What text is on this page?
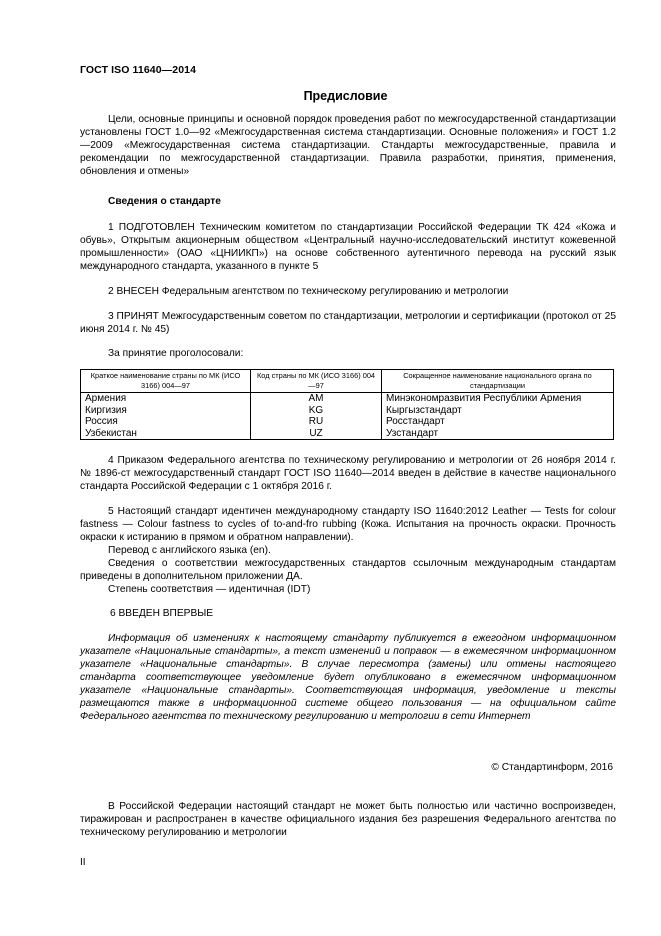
ГОСТ ISO 11640—2014
Предисловие

Цели, основные принципы и основной порядок проведения работ по межгосударственной стандартизации установлены ГОСТ 1.0—92 «Межгосударственная система стандартизации. Основные положения» и ГОСТ 1.2—2009 «Межгосударственная система стандартизации. Стандарты межгосударственные, правила и рекомендации по межгосударственной стандартизации. Правила разработки, принятия, применения, обновления и отмены»

Сведения о стандарте

1 ПОДГОТОВЛЕН Техническим комитетом по стандартизации Российской Федерации ТК 424 «Кожа и обувь», Открытым акционерным обществом «Центральный научно-исследовательский институт кожевенной промышленности» (ОАО «ЦНИИКП») на основе собственного аутентичного перевода на русский язык международного стандарта, указанного в пункте 5

2 ВНЕСЕН Федеральным агентством по техническому регулированию и метрологии

3 ПРИНЯТ Межгосударственным советом по стандартизации, метрологии и сертификации (протокол от 25 июня 2014 г. № 45)

За принятие проголосовали:
Краткое наименование страны по МК (ИСО 3166) 004—97	Код страны по МК (ИСО 3166) 004—97	Сокращенное наименование национального органа по стандартизации
Армения	AM	Минэкономразвития Республики Армения
Киргизия	KG	Кыргызстандарт
Россия	RU	Росстандарт
Узбекистан	UZ	Узстандарт

4 Приказом Федерального агентства по техническому регулированию и метрологии от 26 ноября 2014 г. № 1896-ст межгосударственный стандарт ГОСТ ISO 11640—2014 введен в действие в качестве национального стандарта Российской Федерации с 1 октября 2016 г.

5 Настоящий стандарт идентичен международному стандарту ISO 11640:2012 Leather — Tests for colour fastness — Colour fastness to cycles of to-and-fro rubbing (Кожа. Испытания на прочность окраски. Прочность окраски к истиранию в прямом и обратном направлении).

Перевод с английского языка (en).

Сведения о соответствии межгосударственных стандартов ссылочным международным стандартам приведены в дополнительном приложении ДА.

Степень соответствия — идентичная (IDT)
6 ВВЕДЕН ВПЕРВЫЕ

Информация об изменениях к настоящему стандарту публикуется в ежегодном информационном указателе «Национальные стандарты», а текст изменений и поправок — в ежемесячном информационном указателе «Национальные стандарты». В случае пересмотра (замены) или отмены настоящего стандарта соответствующее уведомление будет опубликовано в ежемесячном информационном указателе «Национальные стандарты». Соответствующая информация, уведомление и тексты размещаются также в информационной системе общего пользования — на официальном сайте Федерального агентства по техническому регулированию и метрологии в сети Интернет

© Стандартинформ, 2016

В Российской Федерации настоящий стандарт не может быть полностью или частично воспроизведен, тиражирован и распространен в качестве официального издания без разрешения Федерального агентства по техническому регулированию и метрологии

II
